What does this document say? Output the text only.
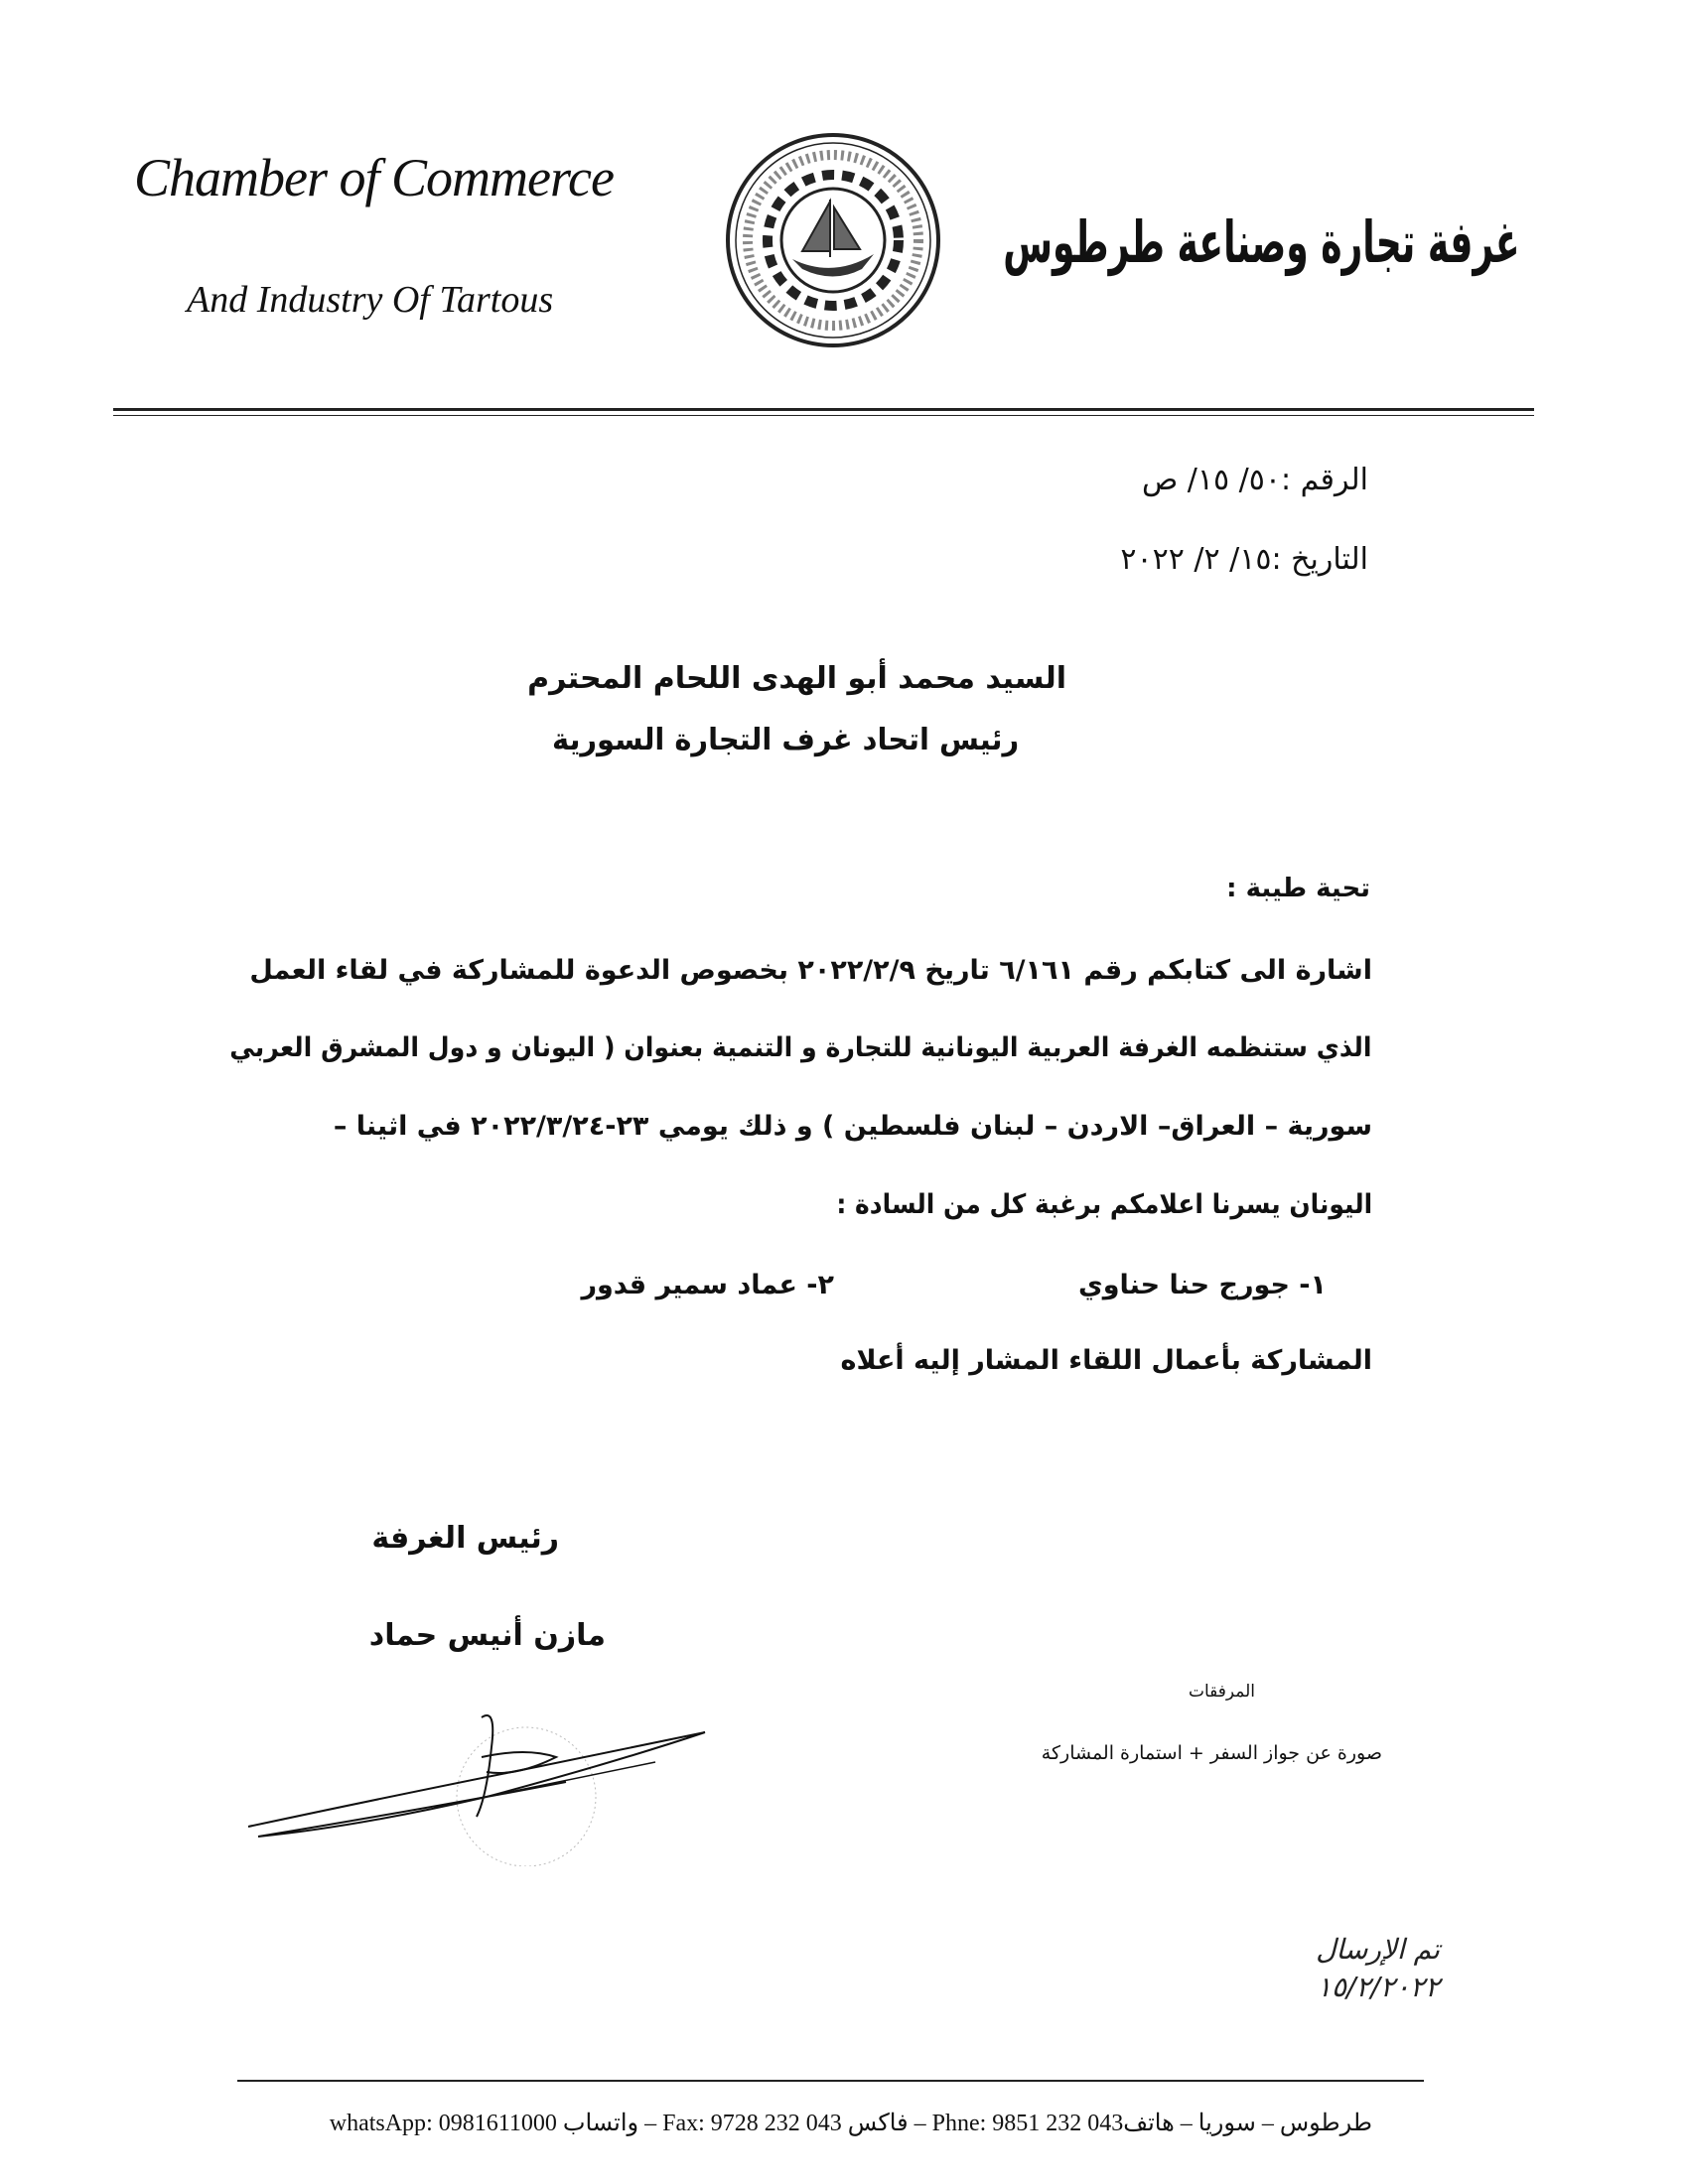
Chamber of Commerce
And Industry Of Tartous
غرفة تجارة وصناعة طرطوس
الرقم :٥٠/ ١٥/ ص
التاريخ :١٥/ ٢/ ٢٠٢٢
السيد محمد أبو الهدى اللحام المحترم
رئيس اتحاد غرف التجارة السورية
تحية طيبة :
اشارة الى كتابكم رقم ٦/١٦١ تاريخ ٢٠٢٢/٢/٩ بخصوص الدعوة للمشاركة في لقاء العمل
الذي ستنظمه الغرفة العربية اليونانية للتجارة و التنمية بعنوان ( اليونان و دول المشرق العربي
سورية – العراق– الاردن – لبنان فلسطين ) و ذلك يومي ٢٣-٢٠٢٢/٣/٢٤ في اثينا –
اليونان يسرنا اعلامكم برغبة كل من السادة :
١- جورج حنا حناوي
٢- عماد سمير قدور
المشاركة بأعمال اللقاء المشار إليه أعلاه
رئيس الغرفة
مازن أنيس حماد
المرفقات
صورة عن جواز السفر + استمارة المشاركة
تم الإرسال ١٥/٢/٢٠٢٢
طرطوس – سوريا – هاتف043 232 9851 :Phne – فاكس 043 232 9728 :Fax – واتساب 0981611000 :whatsApp
